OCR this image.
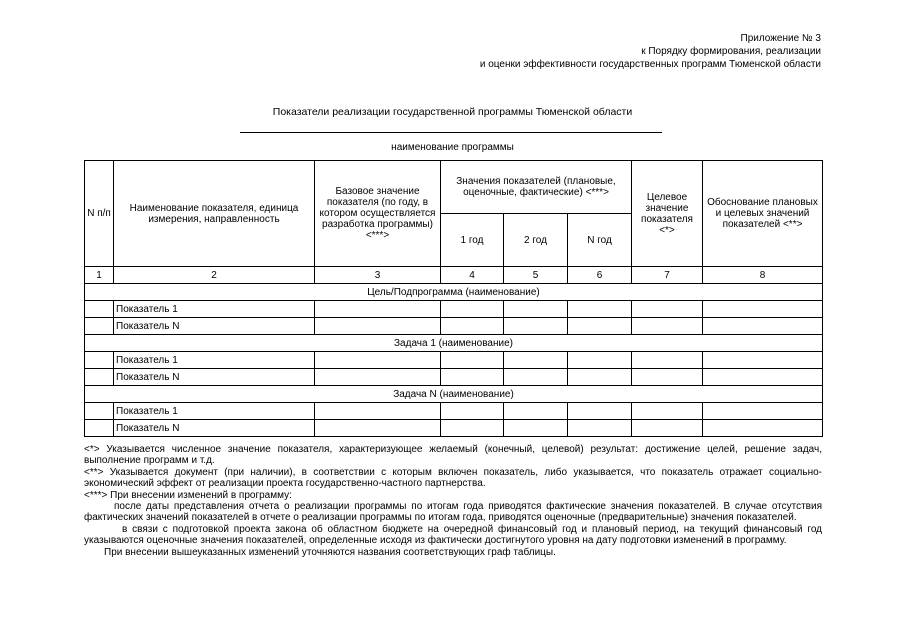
Приложение № 3
к Порядку формирования, реализации
и оценки эффективности государственных программ Тюменской области
Показатели реализации государственной программы Тюменской области
наименование программы
N п/п	Наименование показателя, единица измерения, направленность	Базовое значение показателя (по году, в котором осуществляется разработка программы) <***>	Значения показателей (плановые, оценочные, фактические) <***>			Целевое значение показателя <*>	Обоснование плановых и целевых значений показателей <**>
			1 год	2 год	N год		
1	2	3	4	5	6	7	8
Цель/Подпрограмма (наименование)							
	Показатель 1						
	Показатель N						
Задача 1 (наименование)							
	Показатель 1						
	Показатель N						
Задача N (наименование)							
	Показатель 1						
	Показатель N						

<*> Указывается численное значение показателя, характеризующее желаемый (конечный, целевой) результат: достижение целей, решение задач, выполнение программ и т.д.

<**> Указывается документ (при наличии), в соответствии с которым включен показатель, либо указывается, что показатель отражает социально-экономический эффект от реализации проекта государственно-частного партнерства.

<***> При внесении изменений в программу:

после даты представления отчета о реализации программы по итогам года приводятся фактические значения показателей. В случае отсутствия фактических значений показателей в отчете о реализации программы по итогам года, приводятся оценочные (предварительные) значения показателей.

в связи с подготовкой проекта закона об областном бюджете на очередной финансовый год и плановый период, на текущий финансовый год указываются оценочные значения показателей, определенные исходя из фактически достигнутого уровня на дату подготовки изменений в программу.

При внесении вышеуказанных изменений уточняются названия соответствующих граф таблицы.
